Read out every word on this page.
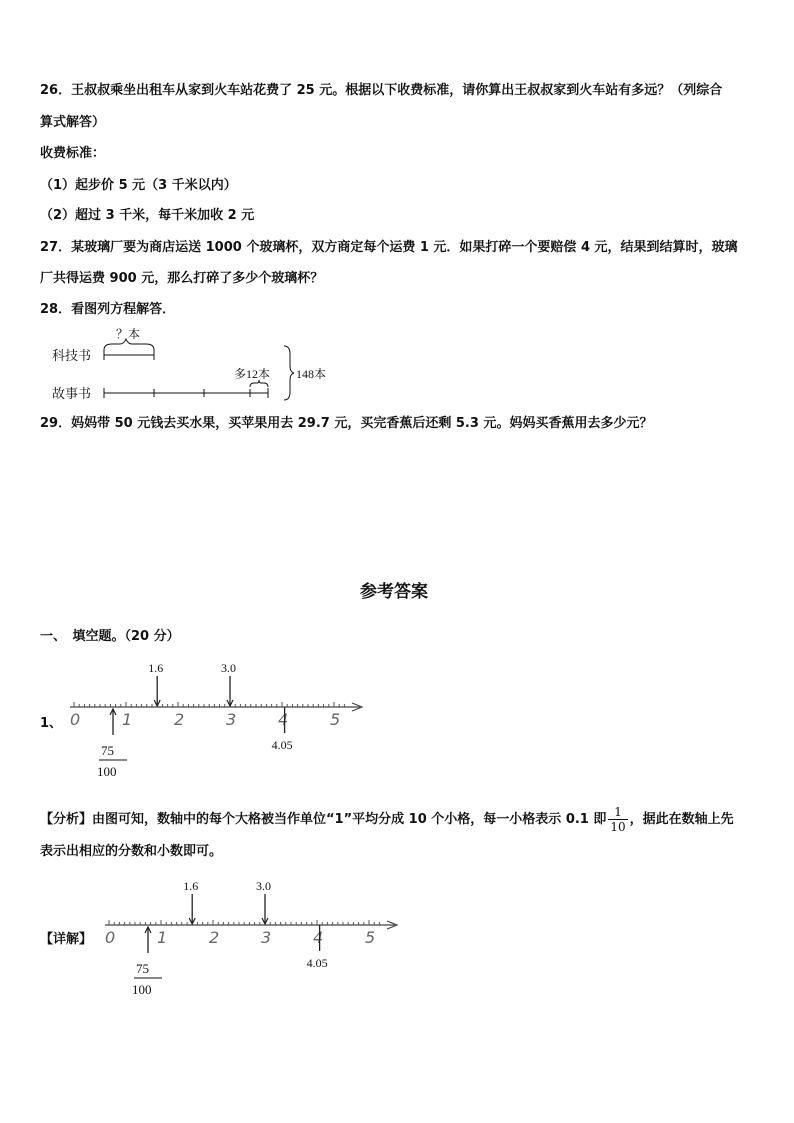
26．王叔叔乘坐出租车从家到火车站花费了 25 元。根据以下收费标准，请你算出王叔叔家到火车站有多远？（列综合
算式解答）
收费标准：
（1）起步价 5 元（3 千米以内）
（2）超过 3 千米，每千米加收 2 元
27．某玻璃厂要为商店运送 1000 个玻璃杯，双方商定每个运费 1 元．如果打碎一个要赔偿 4 元，结果到结算时，玻璃
厂共得运费 900 元，那么打碎了多少个玻璃杯？
28．看图列方程解答．
科技书
故事书
？本
多12本 148本
29．妈妈带 50 元钱去买水果，买苹果用去 29.7 元，买完香蕉后还剩 5.3 元。妈妈买香蕉用去多少元？
参考答案
一、　填空题。（20 分）
1、 0	1	2	3	4	5
1.6	3.0
4.05
75
100
【分析】由图可知，数轴中的每个大格被当作单位“1”平均分成 10 个小格，每一小格表示 0.1 即 $\frac{1}{10}$ ，据此在数轴上先
表示出相应的分数和小数即可。
【详解】 0	1	2	3	4	5
1.6	3.0
4.05
75
100
